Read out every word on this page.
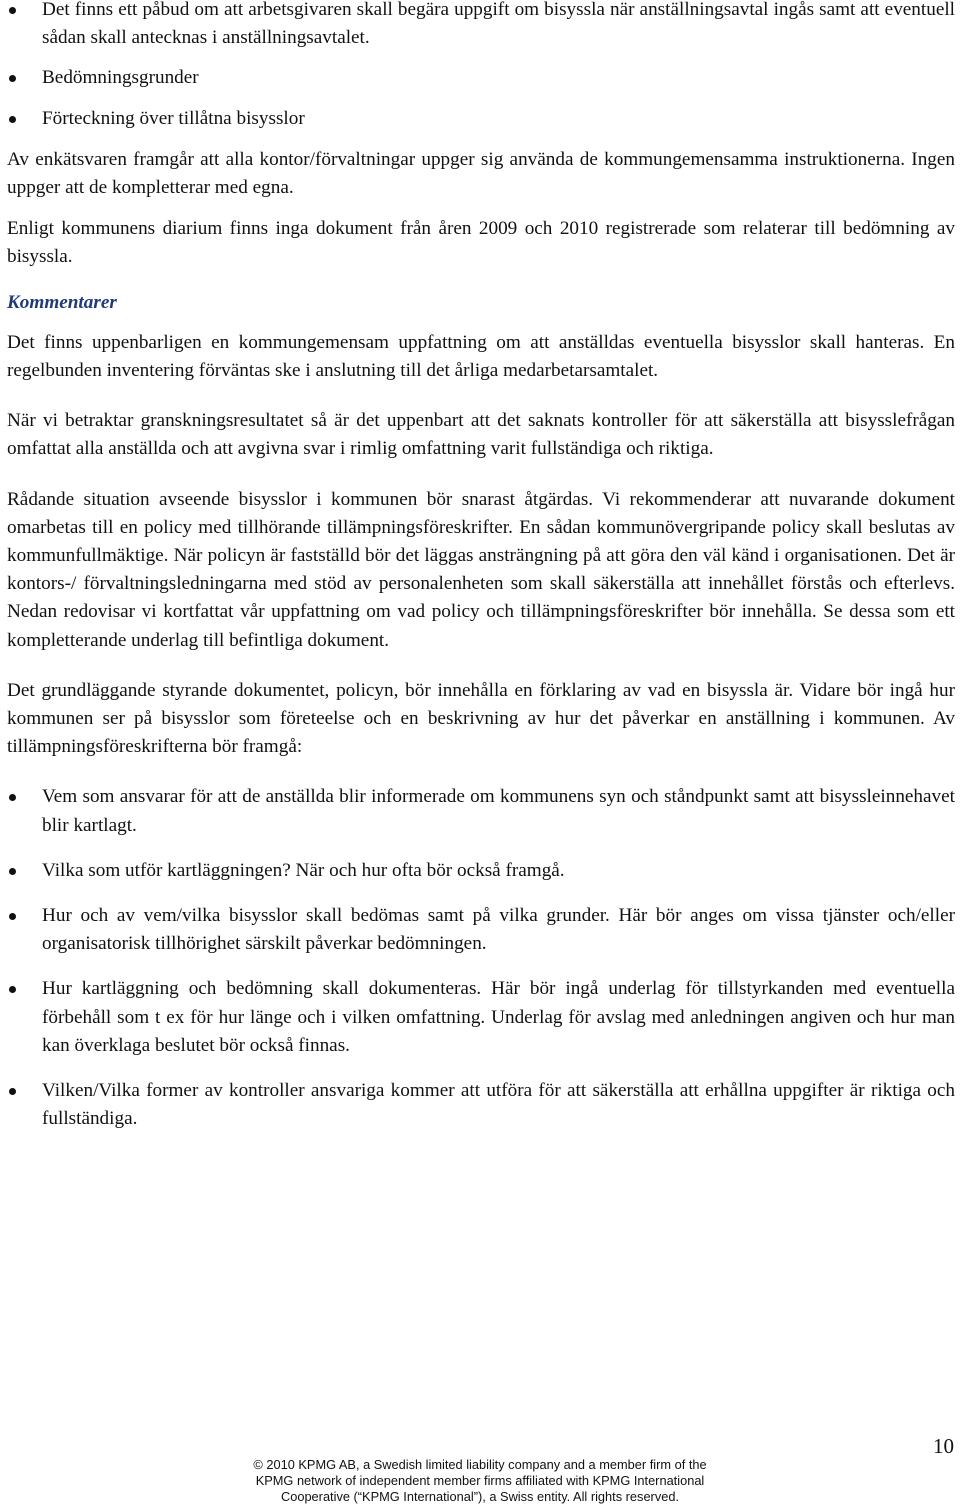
Det finns ett påbud om att arbetsgivaren skall begära uppgift om bisyssla när anställningsavtal ingås samt att eventuell sådan skall antecknas i anställningsavtalet.
Bedömningsgrunder
Förteckning över tillåtna bisysslor

Av enkätsvaren framgår att alla kontor/förvaltningar uppger sig använda de kommungemensamma instruktionerna. Ingen uppger att de kompletterar med egna.

Enligt kommunens diarium finns inga dokument från åren 2009 och 2010 registrerade som relaterar till bedömning av bisyssla.

Kommentarer

Det finns uppenbarligen en kommungemensam uppfattning om att anställdas eventuella bisysslor skall hanteras. En regelbunden inventering förväntas ske i anslutning till det årliga medarbetarsamtalet.

När vi betraktar granskningsresultatet så är det uppenbart att det saknats kontroller för att säkerställa att bisysslefrågan omfattat alla anställda och att avgivna svar i rimlig omfattning varit fullständiga och riktiga.

Rådande situation avseende bisysslor i kommunen bör snarast åtgärdas. Vi rekommenderar att nuvarande dokument omarbetas till en policy med tillhörande tillämpningsföreskrifter. En sådan kommunövergripande policy skall beslutas av kommunfullmäktige. När policyn är fastställd bör det läggas ansträngning på att göra den väl känd i organisationen. Det är kontors-/ förvaltningsledningarna med stöd av personalenheten som skall säkerställa att innehållet förstås och efterlevs. Nedan redovisar vi kortfattat vår uppfattning om vad policy och tillämpningsföreskrifter bör innehålla. Se dessa som ett kompletterande underlag till befintliga dokument.

Det grundläggande styrande dokumentet, policyn, bör innehålla en förklaring av vad en bisyssla är. Vidare bör ingå hur kommunen ser på bisysslor som företeelse och en beskrivning av hur det påverkar en anställning i kommunen. Av tillämpningsföreskrifterna bör framgå:

Vem som ansvarar för att de anställda blir informerade om kommunens syn och ståndpunkt samt att bisyssleinnehavet blir kartlagt.
Vilka som utför kartläggningen? När och hur ofta bör också framgå.
Hur och av vem/vilka bisysslor skall bedömas samt på vilka grunder. Här bör anges om vissa tjänster och/eller organisatorisk tillhörighet särskilt påverkar bedömningen.
Hur kartläggning och bedömning skall dokumenteras. Här bör ingå underlag för tillstyrkanden med eventuella förbehåll som t ex för hur länge och i vilken omfattning. Underlag för avslag med anledningen angiven och hur man kan överklaga beslutet bör också finnas.
Vilken/Vilka former av kontroller ansvariga kommer att utföra för att säkerställa att erhållna uppgifter är riktiga och fullständiga.
10
© 2010 KPMG AB, a Swedish limited liability company and a member firm of the
KPMG network of independent member firms affiliated with KPMG International
Cooperative (“KPMG International”), a Swiss entity. All rights reserved.
